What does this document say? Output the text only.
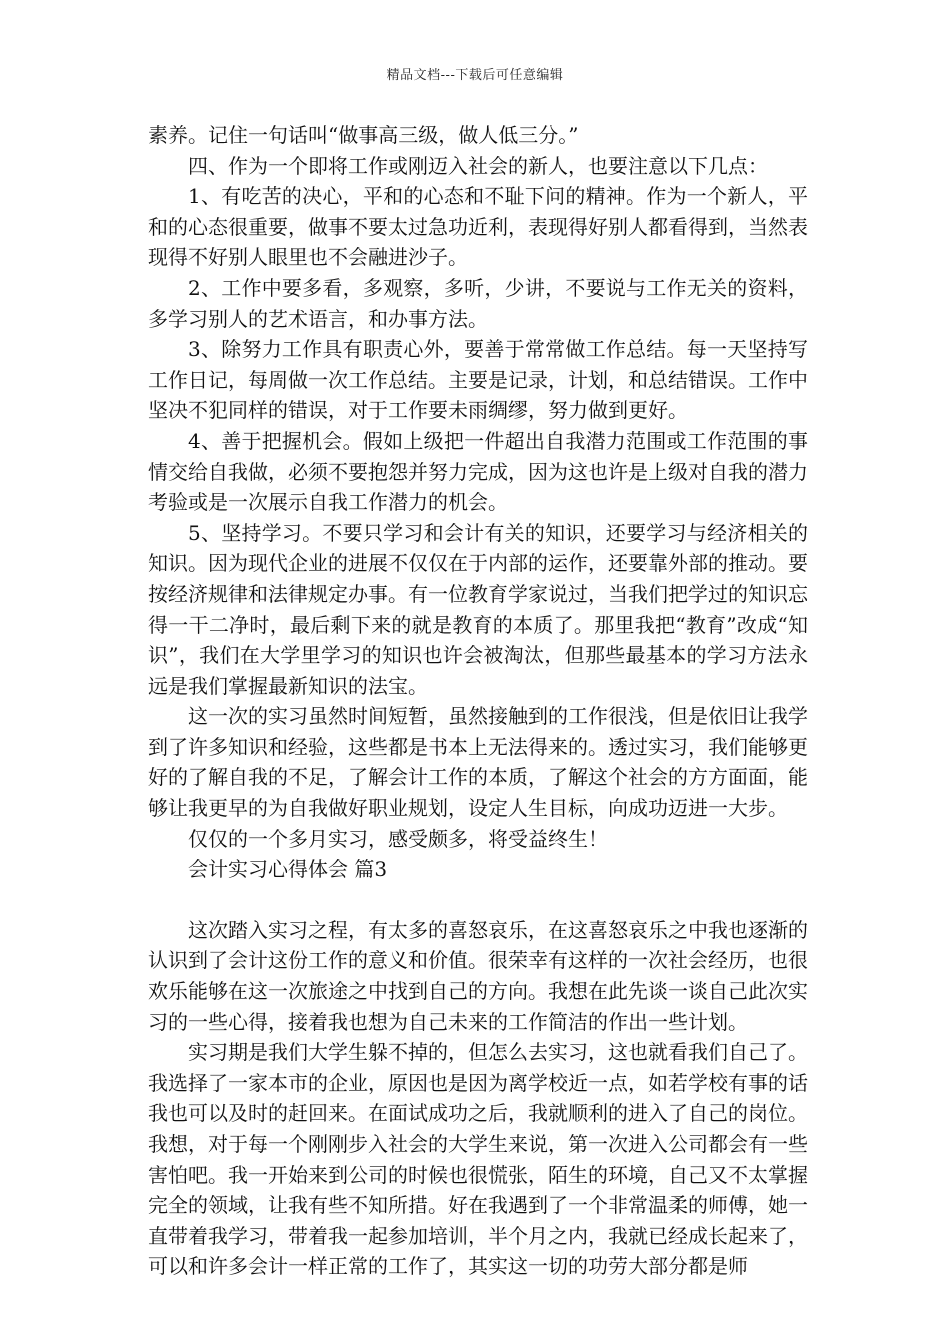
精品文档---下载后可任意编辑

素养。记住一句话叫“做事高三级，做人低三分。”

四、作为一个即将工作或刚迈入社会的新人，也要注意以下几点：

1、有吃苦的决心，平和的心态和不耻下问的精神。作为一个新人，平和的心态很重要，做事不要太过急功近利，表现得好别人都看得到，当然表现得不好别人眼里也不会融进沙子。

2、工作中要多看，多观察，多听，少讲，不要说与工作无关的资料，多学习别人的艺术语言，和办事方法。

3、除努力工作具有职责心外，要善于常常做工作总结。每一天坚持写工作日记，每周做一次工作总结。主要是记录，计划，和总结错误。工作中坚决不犯同样的错误，对于工作要未雨绸缪，努力做到更好。

4、善于把握机会。假如上级把一件超出自我潜力范围或工作范围的事情交给自我做，必须不要抱怨并努力完成，因为这也许是上级对自我的潜力考验或是一次展示自我工作潜力的机会。

5、坚持学习。不要只学习和会计有关的知识，还要学习与经济相关的知识。因为现代企业的进展不仅仅在于内部的运作，还要靠外部的推动。要按经济规律和法律规定办事。有一位教育学家说过，当我们把学过的知识忘得一干二净时，最后剩下来的就是教育的本质了。那里我把“教育”改成“知识”，我们在大学里学习的知识也许会被淘汰，但那些最基本的学习方法永远是我们掌握最新知识的法宝。

这一次的实习虽然时间短暂，虽然接触到的工作很浅，但是依旧让我学到了许多知识和经验，这些都是书本上无法得来的。透过实习，我们能够更好的了解自我的不足，了解会计工作的本质，了解这个社会的方方面面，能够让我更早的为自我做好职业规划，设定人生目标，向成功迈进一大步。

仅仅的一个多月实习，感受颇多，将受益终生！

会计实习心得体会 篇3

这次踏入实习之程，有太多的喜怒哀乐，在这喜怒哀乐之中我也逐渐的认识到了会计这份工作的意义和价值。很荣幸有这样的一次社会经历，也很欢乐能够在这一次旅途之中找到自己的方向。我想在此先谈一谈自己此次实习的一些心得，接着我也想为自己未来的工作简洁的作出一些计划。

实习期是我们大学生躲不掉的，但怎么去实习，这也就看我们自己了。我选择了一家本市的企业，原因也是因为离学校近一点，如若学校有事的话我也可以及时的赶回来。在面试成功之后，我就顺利的进入了自己的岗位。我想，对于每一个刚刚步入社会的大学生来说，第一次进入公司都会有一些害怕吧。我一开始来到公司的时候也很慌张，陌生的环境，自己又不太掌握完全的领域，让我有些不知所措。好在我遇到了一个非常温柔的师傅，她一直带着我学习，带着我一起参加培训，半个月之内，我就已经成长起来了，可以和许多会计一样正常的工作了，其实这一切的功劳大部分都是师
